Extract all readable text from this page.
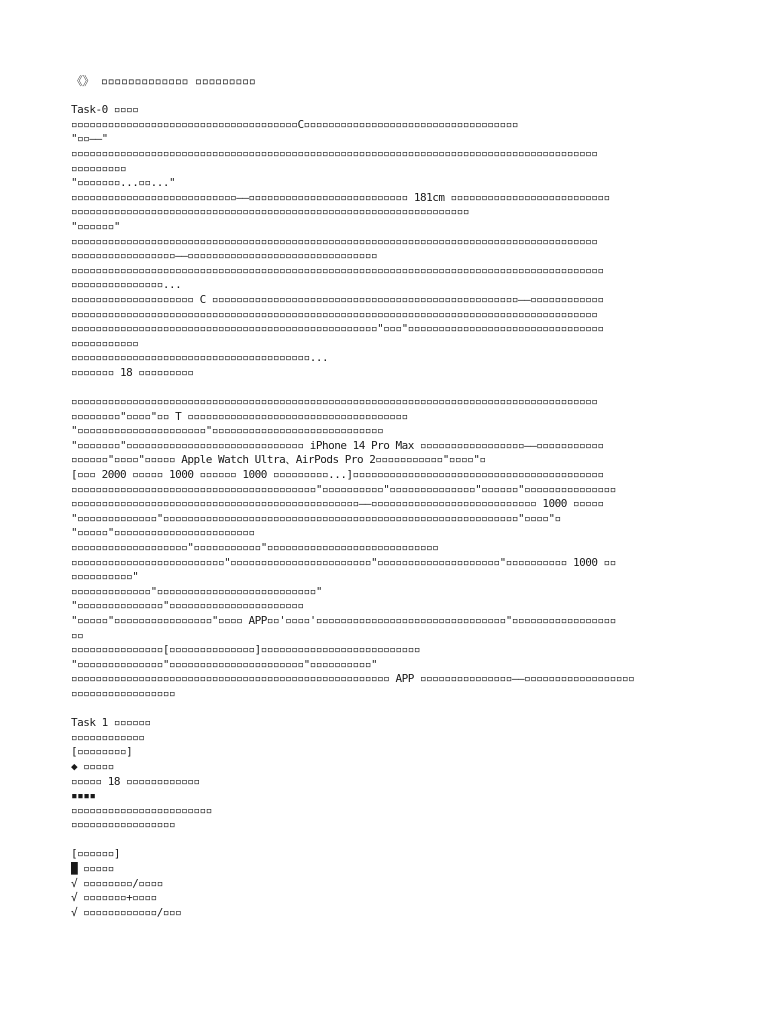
《》 ▫▫▫▫▫▫▫▫▫▫▫▫▫ ▫▫▫▫▫▫▫▫▫
Task-0 ▫▫▫▫
▫▫▫▫▫▫▫▫▫▫▫▫▫▫▫▫▫▫▫▫▫▫▫▫▫▫▫▫▫▫▫▫▫▫▫▫▫C▫▫▫▫▫▫▫▫▫▫▫▫▫▫▫▫▫▫▫▫▫▫▫▫▫▫▫▫▫▫▫▫▫▫▫
"▫▫——"
▫▫▫▫▫▫▫▫▫▫▫▫▫▫▫▫▫▫▫▫▫▫▫▫▫▫▫▫▫▫▫▫▫▫▫▫▫▫▫▫▫▫▫▫▫▫▫▫▫▫▫▫▫▫▫▫▫▫▫▫▫▫▫▫▫▫▫▫▫▫▫▫▫▫▫▫▫▫▫▫▫▫▫▫▫▫
▫▫▫▫▫▫▫▫▫
"▫▫▫▫▫▫▫...▫▫..."
▫▫▫▫▫▫▫▫▫▫▫▫▫▫▫▫▫▫▫▫▫▫▫▫▫▫▫——▫▫▫▫▫▫▫▫▫▫▫▫▫▫▫▫▫▫▫▫▫▫▫▫▫▫ 181cm ▫▫▫▫▫▫▫▫▫▫▫▫▫▫▫▫▫▫▫▫▫▫▫▫▫▫
▫▫▫▫▫▫▫▫▫▫▫▫▫▫▫▫▫▫▫▫▫▫▫▫▫▫▫▫▫▫▫▫▫▫▫▫▫▫▫▫▫▫▫▫▫▫▫▫▫▫▫▫▫▫▫▫▫▫▫▫▫▫▫▫▫
"▫▫▫▫▫▫"
▫▫▫▫▫▫▫▫▫▫▫▫▫▫▫▫▫▫▫▫▫▫▫▫▫▫▫▫▫▫▫▫▫▫▫▫▫▫▫▫▫▫▫▫▫▫▫▫▫▫▫▫▫▫▫▫▫▫▫▫▫▫▫▫▫▫▫▫▫▫▫▫▫▫▫▫▫▫▫▫▫▫▫▫▫▫
▫▫▫▫▫▫▫▫▫▫▫▫▫▫▫▫▫——▫▫▫▫▫▫▫▫▫▫▫▫▫▫▫▫▫▫▫▫▫▫▫▫▫▫▫▫▫▫▫
▫▫▫▫▫▫▫▫▫▫▫▫▫▫▫▫▫▫▫▫▫▫▫▫▫▫▫▫▫▫▫▫▫▫▫▫▫▫▫▫▫▫▫▫▫▫▫▫▫▫▫▫▫▫▫▫▫▫▫▫▫▫▫▫▫▫▫▫▫▫▫▫▫▫▫▫▫▫▫▫▫▫▫▫▫▫▫
▫▫▫▫▫▫▫▫▫▫▫▫▫▫▫...
▫▫▫▫▫▫▫▫▫▫▫▫▫▫▫▫▫▫▫▫ C ▫▫▫▫▫▫▫▫▫▫▫▫▫▫▫▫▫▫▫▫▫▫▫▫▫▫▫▫▫▫▫▫▫▫▫▫▫▫▫▫▫▫▫▫▫▫▫▫▫▫——▫▫▫▫▫▫▫▫▫▫▫▫
▫▫▫▫▫▫▫▫▫▫▫▫▫▫▫▫▫▫▫▫▫▫▫▫▫▫▫▫▫▫▫▫▫▫▫▫▫▫▫▫▫▫▫▫▫▫▫▫▫▫▫▫▫▫▫▫▫▫▫▫▫▫▫▫▫▫▫▫▫▫▫▫▫▫▫▫▫▫▫▫▫▫▫▫▫▫
▫▫▫▫▫▫▫▫▫▫▫▫▫▫▫▫▫▫▫▫▫▫▫▫▫▫▫▫▫▫▫▫▫▫▫▫▫▫▫▫▫▫▫▫▫▫▫▫▫▫"▫▫▫"▫▫▫▫▫▫▫▫▫▫▫▫▫▫▫▫▫▫▫▫▫▫▫▫▫▫▫▫▫▫▫▫
▫▫▫▫▫▫▫▫▫▫▫
▫▫▫▫▫▫▫▫▫▫▫▫▫▫▫▫▫▫▫▫▫▫▫▫▫▫▫▫▫▫▫▫▫▫▫▫▫▫▫...
▫▫▫▫▫▫▫ 18 ▫▫▫▫▫▫▫▫▫
▫▫▫▫▫▫▫▫▫▫▫▫▫▫▫▫▫▫▫▫▫▫▫▫▫▫▫▫▫▫▫▫▫▫▫▫▫▫▫▫▫▫▫▫▫▫▫▫▫▫▫▫▫▫▫▫▫▫▫▫▫▫▫▫▫▫▫▫▫▫▫▫▫▫▫▫▫▫▫▫▫▫▫▫▫▫
▫▫▫▫▫▫▫▫"▫▫▫▫"▫▫ T ▫▫▫▫▫▫▫▫▫▫▫▫▫▫▫▫▫▫▫▫▫▫▫▫▫▫▫▫▫▫▫▫▫▫▫▫
"▫▫▫▫▫▫▫▫▫▫▫▫▫▫▫▫▫▫▫▫▫"▫▫▫▫▫▫▫▫▫▫▫▫▫▫▫▫▫▫▫▫▫▫▫▫▫▫▫▫
"▫▫▫▫▫▫▫"▫▫▫▫▫▫▫▫▫▫▫▫▫▫▫▫▫▫▫▫▫▫▫▫▫▫▫▫▫ iPhone 14 Pro Max ▫▫▫▫▫▫▫▫▫▫▫▫▫▫▫▫▫——▫▫▫▫▫▫▫▫▫▫▫
▫▫▫▫▫▫"▫▫▫▫"▫▫▫▫▫ Apple Watch Ultra、AirPods Pro 2▫▫▫▫▫▫▫▫▫▫▫"▫▫▫▫"▫
[▫▫▫ 2000 ▫▫▫▫▫ 1000 ▫▫▫▫▫▫ 1000 ▫▫▫▫▫▫▫▫▫...]▫▫▫▫▫▫▫▫▫▫▫▫▫▫▫▫▫▫▫▫▫▫▫▫▫▫▫▫▫▫▫▫▫▫▫▫▫▫▫▫▫
▫▫▫▫▫▫▫▫▫▫▫▫▫▫▫▫▫▫▫▫▫▫▫▫▫▫▫▫▫▫▫▫▫▫▫▫▫▫▫▫"▫▫▫▫▫▫▫▫▫▫"▫▫▫▫▫▫▫▫▫▫▫▫▫▫"▫▫▫▫▫▫"▫▫▫▫▫▫▫▫▫▫▫▫▫▫▫
▫▫▫▫▫▫▫▫▫▫▫▫▫▫▫▫▫▫▫▫▫▫▫▫▫▫▫▫▫▫▫▫▫▫▫▫▫▫▫▫▫▫▫▫▫▫▫——▫▫▫▫▫▫▫▫▫▫▫▫▫▫▫▫▫▫▫▫▫▫▫▫▫▫▫ 1000 ▫▫▫▫▫
"▫▫▫▫▫▫▫▫▫▫▫▫▫"▫▫▫▫▫▫▫▫▫▫▫▫▫▫▫▫▫▫▫▫▫▫▫▫▫▫▫▫▫▫▫▫▫▫▫▫▫▫▫▫▫▫▫▫▫▫▫▫▫▫▫▫▫▫▫▫▫▫"▫▫▫▫"▫
"▫▫▫▫▫"▫▫▫▫▫▫▫▫▫▫▫▫▫▫▫▫▫▫▫▫▫▫▫
▫▫▫▫▫▫▫▫▫▫▫▫▫▫▫▫▫▫▫"▫▫▫▫▫▫▫▫▫▫▫"▫▫▫▫▫▫▫▫▫▫▫▫▫▫▫▫▫▫▫▫▫▫▫▫▫▫▫▫
▫▫▫▫▫▫▫▫▫▫▫▫▫▫▫▫▫▫▫▫▫▫▫▫▫"▫▫▫▫▫▫▫▫▫▫▫▫▫▫▫▫▫▫▫▫▫▫▫"▫▫▫▫▫▫▫▫▫▫▫▫▫▫▫▫▫▫▫▫"▫▫▫▫▫▫▫▫▫▫ 1000 ▫▫
▫▫▫▫▫▫▫▫▫▫"
▫▫▫▫▫▫▫▫▫▫▫▫▫"▫▫▫▫▫▫▫▫▫▫▫▫▫▫▫▫▫▫▫▫▫▫▫▫▫▫"
"▫▫▫▫▫▫▫▫▫▫▫▫▫▫"▫▫▫▫▫▫▫▫▫▫▫▫▫▫▫▫▫▫▫▫▫▫
"▫▫▫▫▫"▫▫▫▫▫▫▫▫▫▫▫▫▫▫▫▫"▫▫▫▫ APP▫▫'▫▫▫▫'▫▫▫▫▫▫▫▫▫▫▫▫▫▫▫▫▫▫▫▫▫▫▫▫▫▫▫▫▫▫▫"▫▫▫▫▫▫▫▫▫▫▫▫▫▫▫▫▫
▫▫
▫▫▫▫▫▫▫▫▫▫▫▫▫▫▫[▫▫▫▫▫▫▫▫▫▫▫▫▫▫]▫▫▫▫▫▫▫▫▫▫▫▫▫▫▫▫▫▫▫▫▫▫▫▫▫▫
"▫▫▫▫▫▫▫▫▫▫▫▫▫▫"▫▫▫▫▫▫▫▫▫▫▫▫▫▫▫▫▫▫▫▫▫▫"▫▫▫▫▫▫▫▫▫▫"
▫▫▫▫▫▫▫▫▫▫▫▫▫▫▫▫▫▫▫▫▫▫▫▫▫▫▫▫▫▫▫▫▫▫▫▫▫▫▫▫▫▫▫▫▫▫▫▫▫▫▫▫ APP ▫▫▫▫▫▫▫▫▫▫▫▫▫▫▫——▫▫▫▫▫▫▫▫▫▫▫▫▫▫▫▫▫▫
▫▫▫▫▫▫▫▫▫▫▫▫▫▫▫▫▫
Task 1 ▫▫▫▫▫▫
▫▫▫▫▫▫▫▫▫▫▫▫
[▫▫▫▫▫▫▫▫]
◆ ▫▫▫▫▫
▫▫▫▫▫ 18 ▫▫▫▫▫▫▫▫▫▫▫▫
▪▪▪▪
▫▫▫▫▫▫▫▫▫▫▫▫▫▫▫▫▫▫▫▫▫▫▫
▫▫▫▫▫▫▫▫▫▫▫▫▫▫▫▫▫
[▫▫▫▫▫▫]
█ ▫▫▫▫▫
√ ▫▫▫▫▫▫▫▫/▫▫▫▫
√ ▫▫▫▫▫▫▫+▫▫▫▫
√ ▫▫▫▫▫▫▫▫▫▫▫▫/▫▫▫
